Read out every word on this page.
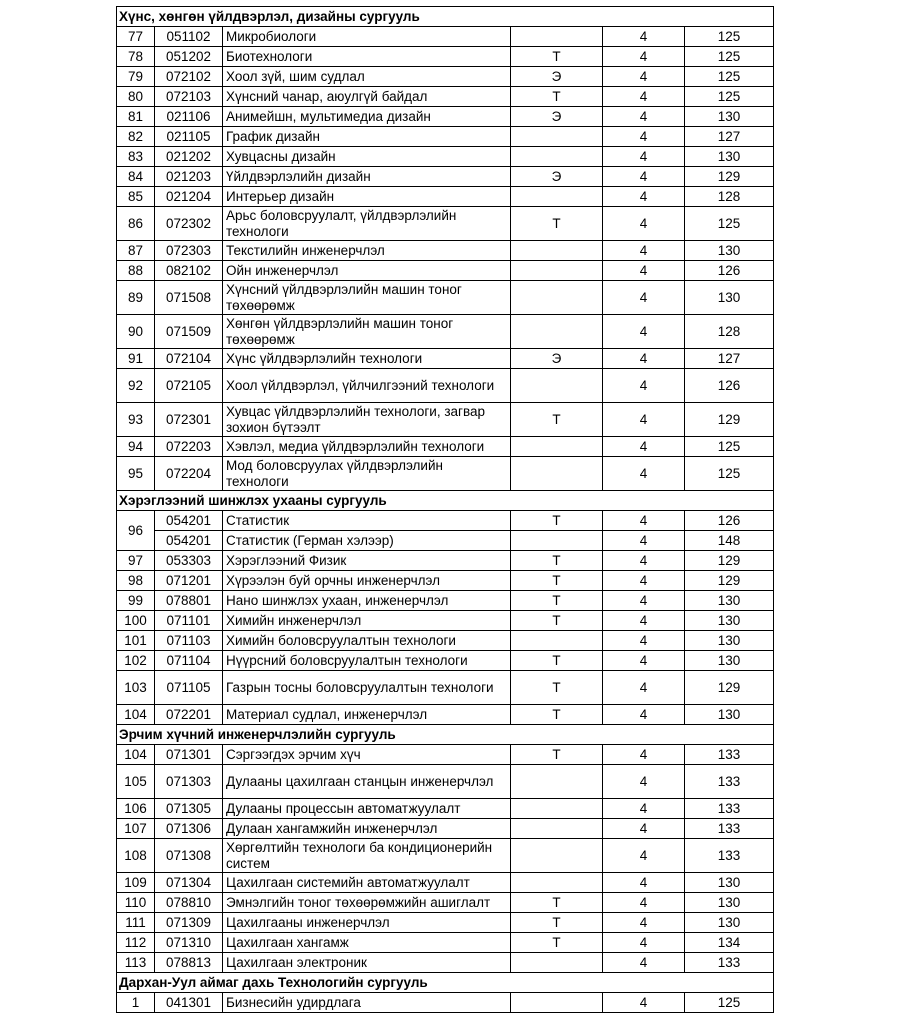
Хүнс, хөнгөн үйлдвэрлэл, дизайны сургууль					
77	051102	Микробиологи		4	125
78	051202	Биотехнологи	Т	4	125
79	072102	Хоол зүй, шим судлал	Э	4	125
80	072103	Хүнсний чанар, аюулгүй байдал	Т	4	125
81	021106	Анимейшн, мультимедиа дизайн	Э	4	130
82	021105	График дизайн		4	127
83	021202	Хувцасны дизайн		4	130
84	021203	Үйлдвэрлэлийн дизайн	Э	4	129
85	021204	Интерьер дизайн		4	128
86	072302	Арьс боловсруулалт, үйлдвэрлэлийн технологи	Т	4	125
87	072303	Текстилийн инженерчлэл		4	130
88	082102	Ойн инженерчлэл		4	126
89	071508	Хүнсний үйлдвэрлэлийн машин тоног төхөөрөмж		4	130
90	071509	Хөнгөн үйлдвэрлэлийн машин тоног төхөөрөмж		4	128
91	072104	Хүнс үйлдвэрлэлийн технологи	Э	4	127
92	072105	Хоол үйлдвэрлэл, үйлчилгээний технологи		4	126
93	072301	Хувцас үйлдвэрлэлийн технологи, загвар зохион бүтээлт	Т	4	129
94	072203	Хэвлэл, медиа үйлдвэрлэлийн технологи		4	125
95	072204	Мод боловсруулах үйлдвэрлэлийн технологи		4	125
Хэрэглээний шинжлэх ухааны сургууль					
96	054201	Статистик	Т	4	126
	054201	Статистик (Герман хэлээр)		4	148
97	053303	Хэрэглээний Физик	Т	4	129
98	071201	Хүрээлэн буй орчны инженерчлэл	Т	4	129
99	078801	Нано шинжлэх ухаан, инженерчлэл	Т	4	130
100	071101	Химийн инженерчлэл	Т	4	130
101	071103	Химийн боловсруулалтын технологи		4	130
102	071104	Нүүрсний боловсруулалтын технологи	Т	4	130
103	071105	Газрын тосны боловсруулалтын технологи	Т	4	129
104	072201	Материал судлал, инженерчлэл	Т	4	130
Эрчим хүчний инженерчлэлийн сургууль					
104	071301	Сэргээгдэх эрчим хүч	Т	4	133
105	071303	Дулааны цахилгаан станцын инженерчлэл		4	133
106	071305	Дулааны процессын автоматжуулалт		4	133
107	071306	Дулаан хангамжийн инженерчлэл		4	133
108	071308	Хөргөлтийн технологи ба кондиционерийн систем		4	133
109	071304	Цахилгаан системийн автоматжуулалт		4	130
110	078810	Эмнэлгийн тоног төхөөрөмжийн ашиглалт	Т	4	130
111	071309	Цахилгааны инженерчлэл	Т	4	130
112	071310	Цахилгаан хангамж	Т	4	134
113	078813	Цахилгаан электроник		4	133
Дархан-Уул аймаг дахь Технологийн сургууль					
1	041301	Бизнесийн удирдлага		4	125
